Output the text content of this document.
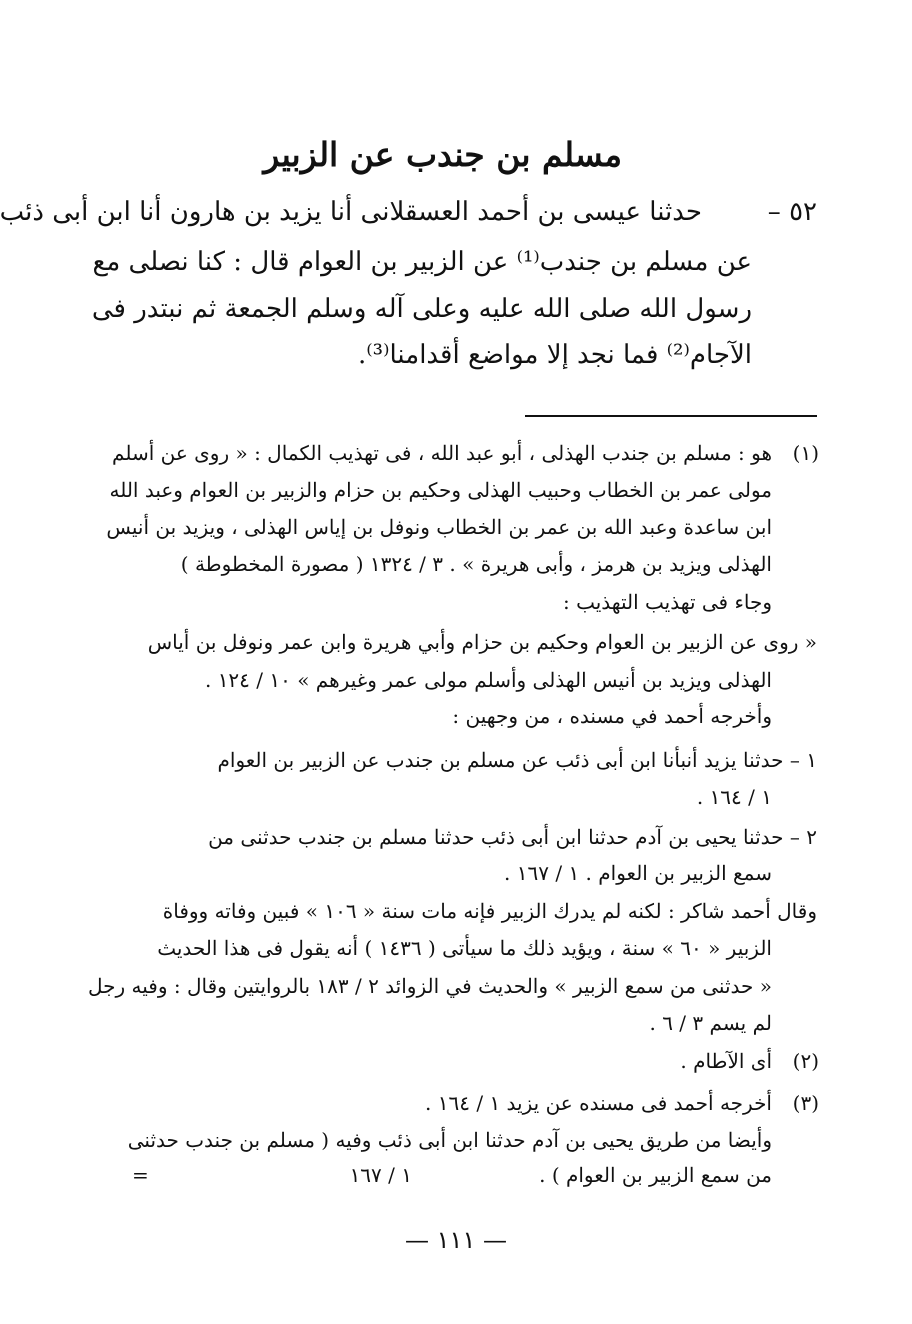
مسلم بن جندب عن الزبير
٥٢ –
حدثنا عيسى بن أحمد العسقلانى أنا يزيد بن هارون أنا ابن أبى ذئب
عن مسلم بن جندب⁽¹⁾ عن الزبير بن العوام قال : كنا نصلى مع
رسول الله صلى الله عليه وعلى آله وسلم الجمعة ثم نبتدر فى
الآجام⁽²⁾ فما نجد إلا مواضع أقدامنا⁽³⁾.
(١)
هو : مسلم بن جندب الهذلى ، أبو عبد الله ، فى تهذيب الكمال : « روى عن أسلم
مولى عمر بن الخطاب وحبيب الهذلى وحكيم بن حزام والزبير بن العوام وعبد الله
ابن ساعدة وعبد الله بن عمر بن الخطاب ونوفل بن إياس الهذلى ، ويزيد بن أنيس
الهذلى ويزيد بن هرمز ، وأبى هريرة » . ٣ / ١٣٢٤ ( مصورة المخطوطة )
وجاء فى تهذيب التهذيب :
« روى عن الزبير بن العوام وحكيم بن حزام وأبي هريرة وابن عمر ونوفل بن أياس
الهذلى ويزيد بن أنيس الهذلى وأسلم مولى عمر وغيرهم » ١٠ / ١٢٤ .
وأخرجه أحمد في مسنده ، من وجهين :
١ – حدثنا يزيد أنبأنا ابن أبى ذئب عن مسلم بن جندب عن الزبير بن العوام
١ / ١٦٤ .
٢ – حدثنا يحيى بن آدم حدثنا ابن أبى ذئب حدثنا مسلم بن جندب حدثنى من
سمع الزبير بن العوام . ١ / ١٦٧ .
وقال أحمد شاكر : لكنه لم يدرك الزبير فإنه مات سنة « ١٠٦ » فبين وفاته ووفاة
الزبير « ٦٠ » سنة ، ويؤيد ذلك ما سيأتى ( ١٤٣٦ ) أنه يقول فى هذا الحديث
« حدثنى من سمع الزبير » والحديث في الزوائد ٢ / ١٨٣ بالروايتين وقال : وفيه رجل
لم يسم ٣ / ٦ .
(٢)
أى الآطام .
(٣)
أخرجه أحمد فى مسنده عن يزيد ١ / ١٦٤ .
وأيضا من طريق يحيى بن آدم حدثنا ابن أبى ذئب وفيه ( مسلم بن جندب حدثنى
من سمع الزبير بن العوام ) .
١ / ١٦٧
=
— ١١١ —
